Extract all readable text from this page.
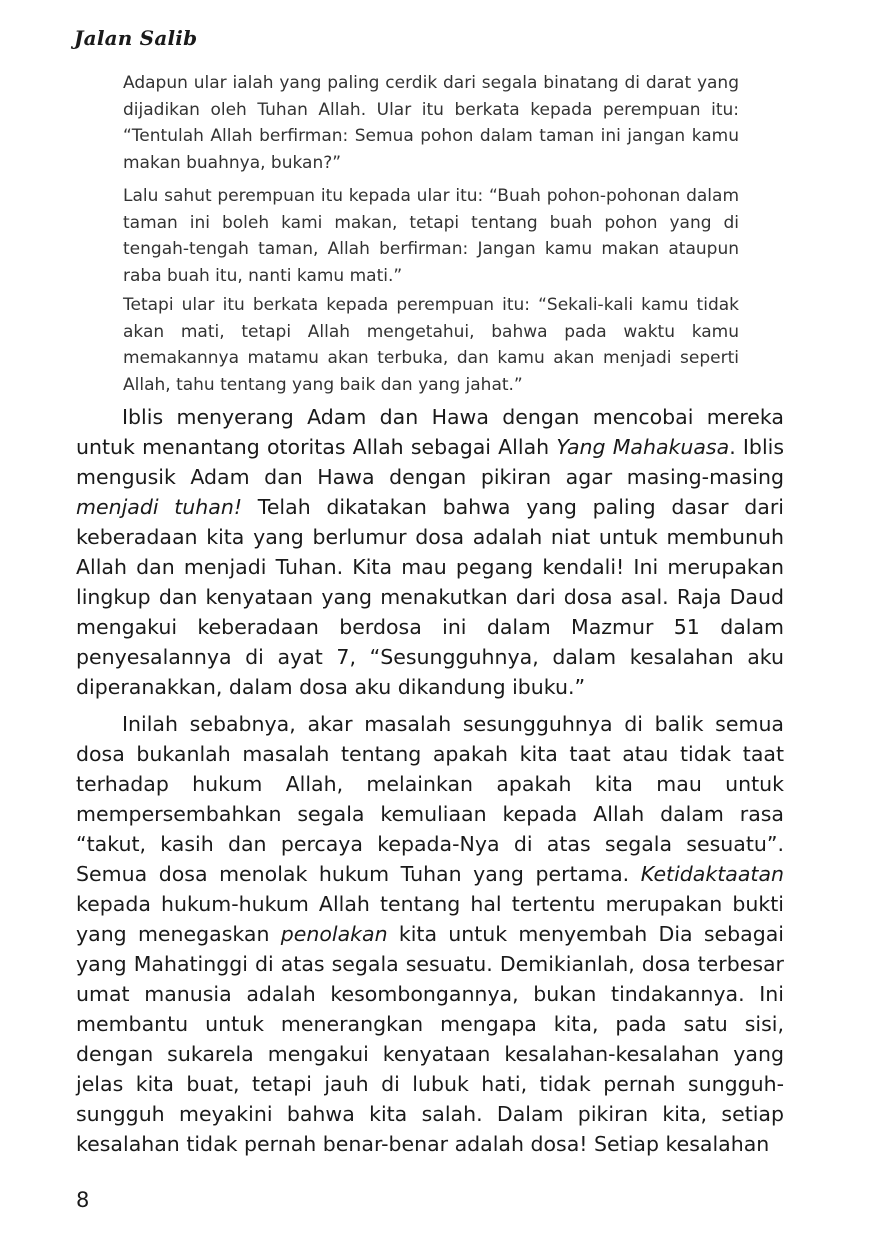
Jalan Salib

Adapun ular ialah yang paling cerdik dari segala binatang di darat yang dijadikan oleh Tuhan Allah. Ular itu berkata kepada perempuan itu: “Tentulah Allah berfirman: Semua pohon dalam taman ini jangan kamu makan buahnya, bukan?”

Lalu sahut perempuan itu kepada ular itu: “Buah pohon-pohonan dalam taman ini boleh kami makan, tetapi tentang buah pohon yang di tengah-tengah taman, Allah berfirman: Jangan kamu makan ataupun raba buah itu, nanti kamu mati.”

Tetapi ular itu berkata kepada perempuan itu: “Sekali-kali kamu tidak akan mati, tetapi Allah mengetahui, bahwa pada waktu kamu memakannya matamu akan terbuka, dan kamu akan menjadi seperti Allah, tahu tentang yang baik dan yang jahat.”

Iblis menyerang Adam dan Hawa dengan mencobai mereka untuk menantang otoritas Allah sebagai Allah Yang Mahakuasa. Iblis mengusik Adam dan Hawa dengan pikiran agar masing-masing menjadi tuhan! Telah dikatakan bahwa yang paling dasar dari keberadaan kita yang berlumur dosa adalah niat untuk membunuh Allah dan menjadi Tuhan. Kita mau pegang kendali! Ini merupakan lingkup dan kenyataan yang menakutkan dari dosa asal. Raja Daud mengakui keberadaan berdosa ini dalam Mazmur 51 dalam penyesalannya di ayat 7, “Sesungguhnya, dalam kesalahan aku diperanakkan, dalam dosa aku dikandung ibuku.”

Inilah sebabnya, akar masalah sesungguhnya di balik semua dosa bukanlah masalah tentang apakah kita taat atau tidak taat terhadap hukum Allah, melainkan apakah kita mau untuk mempersembahkan segala kemuliaan kepada Allah dalam rasa “takut, kasih dan percaya kepada-Nya di atas segala sesuatu”. Semua dosa menolak hukum Tuhan yang pertama. Ketidaktaatan kepada hukum-hukum Allah tentang hal tertentu merupakan bukti yang menegaskan penolakan kita untuk menyembah Dia sebagai yang Mahatinggi di atas segala sesuatu. Demikianlah, dosa terbesar umat manusia adalah kesombongannya, bukan tindakannya. Ini membantu untuk menerangkan mengapa kita, pada satu sisi, dengan sukarela mengakui kenyataan kesalahan-kesalahan yang jelas kita buat, tetapi jauh di lubuk hati, tidak pernah sungguh-sungguh meyakini bahwa kita salah. Dalam pikiran kita, setiap kesalahan tidak pernah benar-benar adalah dosa! Setiap kesalahan

8
